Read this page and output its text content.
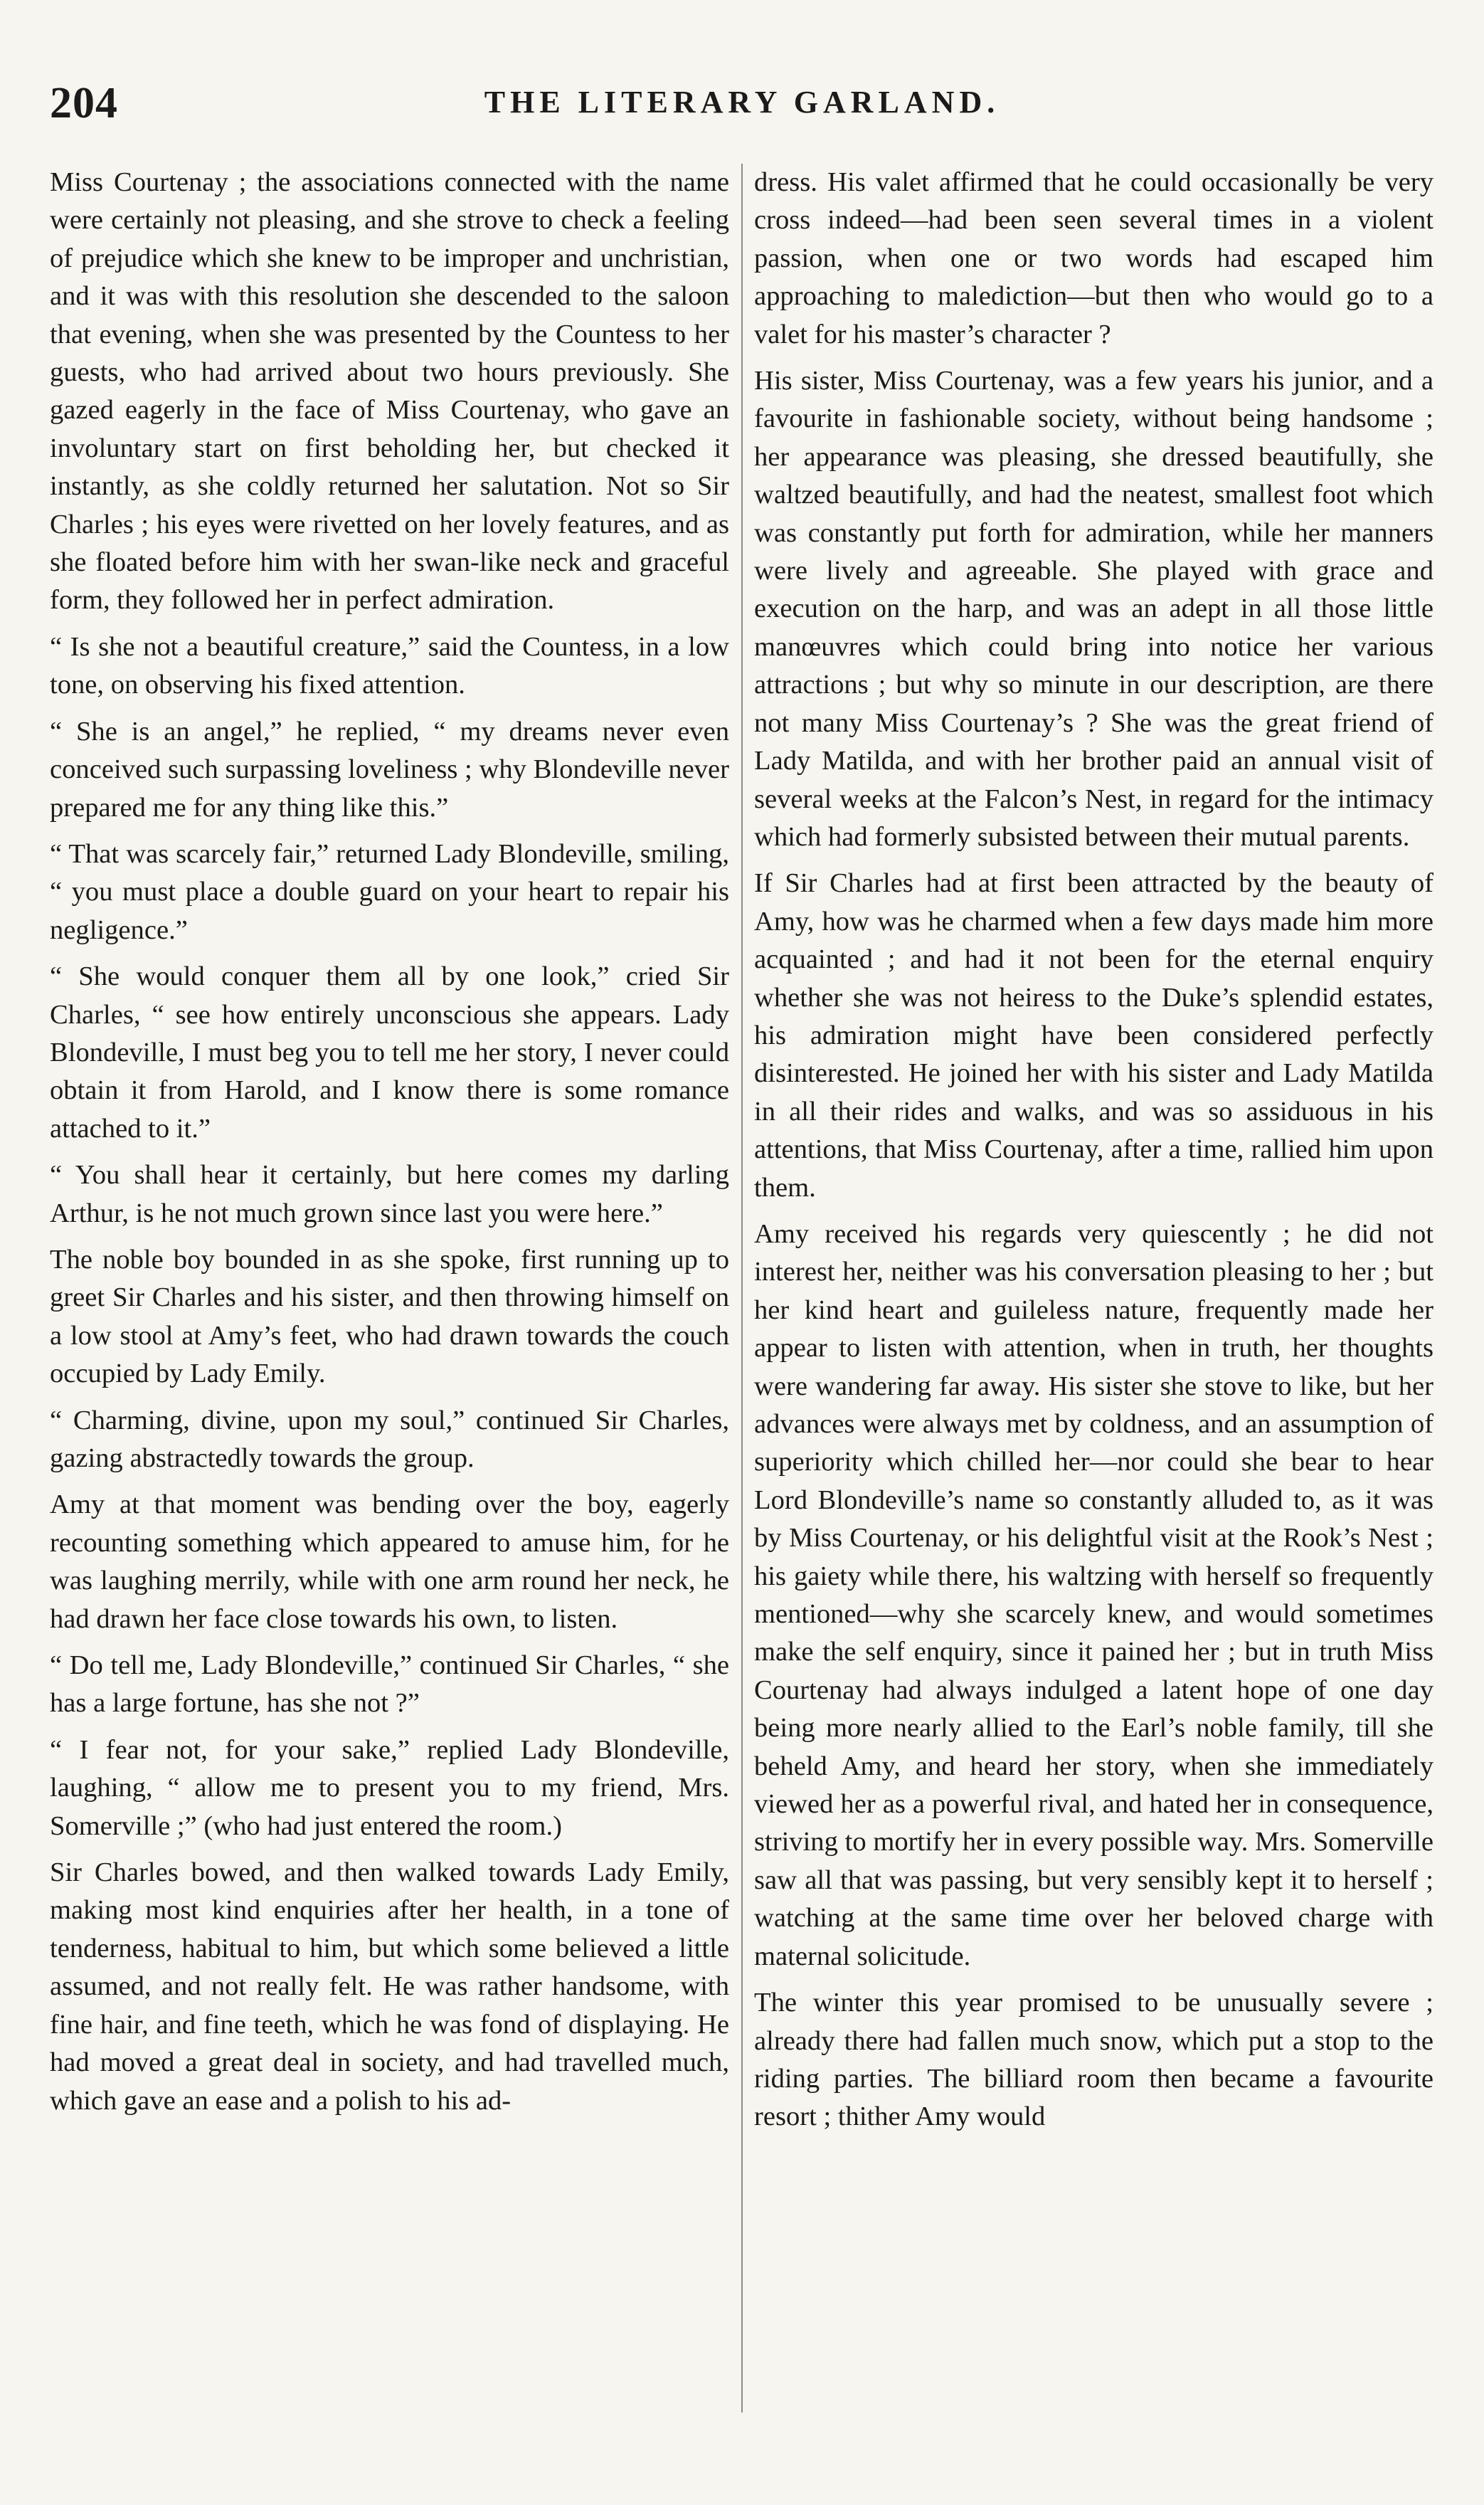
204	THE LITERARY GARLAND.

Miss Courtenay ; the associations connected with the name were certainly not pleasing, and she strove to check a feeling of prejudice which she knew to be improper and unchristian, and it was with this resolution she descended to the saloon that evening, when she was presented by the Countess to her guests, who had arrived about two hours previously. She gazed eagerly in the face of Miss Courtenay, who gave an involuntary start on first beholding her, but checked it instantly, as she coldly returned her salutation. Not so Sir Charles ; his eyes were rivetted on her lovely features, and as she floated before him with her swan-like neck and graceful form, they followed her in perfect admiration.

“ Is she not a beautiful creature,” said the Countess, in a low tone, on observing his fixed attention.

“ She is an angel,” he replied, “ my dreams never even conceived such surpassing loveliness ; why Blondeville never prepared me for any thing like this.”

“ That was scarcely fair,” returned Lady Blondeville, smiling, “ you must place a double guard on your heart to repair his negligence.”

“ She would conquer them all by one look,” cried Sir Charles, “ see how entirely unconscious she appears. Lady Blondeville, I must beg you to tell me her story, I never could obtain it from Harold, and I know there is some romance attached to it.”

“ You shall hear it certainly, but here comes my darling Arthur, is he not much grown since last you were here.”

The noble boy bounded in as she spoke, first running up to greet Sir Charles and his sister, and then throwing himself on a low stool at Amy’s feet, who had drawn towards the couch occupied by Lady Emily.

“ Charming, divine, upon my soul,” continued Sir Charles, gazing abstractedly towards the group.

Amy at that moment was bending over the boy, eagerly recounting something which appeared to amuse him, for he was laughing merrily, while with one arm round her neck, he had drawn her face close towards his own, to listen.

“ Do tell me, Lady Blondeville,” continued Sir Charles, “ she has a large fortune, has she not ?”

“ I fear not, for your sake,” replied Lady Blondeville, laughing, “ allow me to present you to my friend, Mrs. Somerville ;” (who had just entered the room.)

Sir Charles bowed, and then walked towards Lady Emily, making most kind enquiries after her health, in a tone of tenderness, habitual to him, but which some believed a little assumed, and not really felt. He was rather handsome, with fine hair, and fine teeth, which he was fond of displaying. He had moved a great deal in society, and had travelled much, which gave an ease and a polish to his ad-

dress. His valet affirmed that he could occasionally be very cross indeed—had been seen several times in a violent passion, when one or two words had escaped him approaching to malediction—but then who would go to a valet for his master’s character ?

His sister, Miss Courtenay, was a few years his junior, and a favourite in fashionable society, without being handsome ; her appearance was pleasing, she dressed beautifully, she waltzed beautifully, and had the neatest, smallest foot which was constantly put forth for admiration, while her manners were lively and agreeable. She played with grace and execution on the harp, and was an adept in all those little manœuvres which could bring into notice her various attractions ; but why so minute in our description, are there not many Miss Courtenay’s ? She was the great friend of Lady Matilda, and with her brother paid an annual visit of several weeks at the Falcon’s Nest, in regard for the intimacy which had formerly subsisted between their mutual parents.

If Sir Charles had at first been attracted by the beauty of Amy, how was he charmed when a few days made him more acquainted ; and had it not been for the eternal enquiry whether she was not heiress to the Duke’s splendid estates, his admiration might have been considered perfectly disinterested. He joined her with his sister and Lady Matilda in all their rides and walks, and was so assiduous in his attentions, that Miss Courtenay, after a time, rallied him upon them.

Amy received his regards very quiescently ; he did not interest her, neither was his conversation pleasing to her ; but her kind heart and guileless nature, frequently made her appear to listen with attention, when in truth, her thoughts were wandering far away. His sister she stove to like, but her advances were always met by coldness, and an assumption of superiority which chilled her—nor could she bear to hear Lord Blondeville’s name so constantly alluded to, as it was by Miss Courtenay, or his delightful visit at the Rook’s Nest ; his gaiety while there, his waltzing with herself so frequently mentioned—why she scarcely knew, and would sometimes make the self enquiry, since it pained her ; but in truth Miss Courtenay had always indulged a latent hope of one day being more nearly allied to the Earl’s noble family, till she beheld Amy, and heard her story, when she immediately viewed her as a powerful rival, and hated her in consequence, striving to mortify her in every possible way. Mrs. Somerville saw all that was passing, but very sensibly kept it to herself ; watching at the same time over her beloved charge with maternal solicitude.

The winter this year promised to be unusually severe ; already there had fallen much snow, which put a stop to the riding parties. The billiard room then became a favourite resort ; thither Amy would
